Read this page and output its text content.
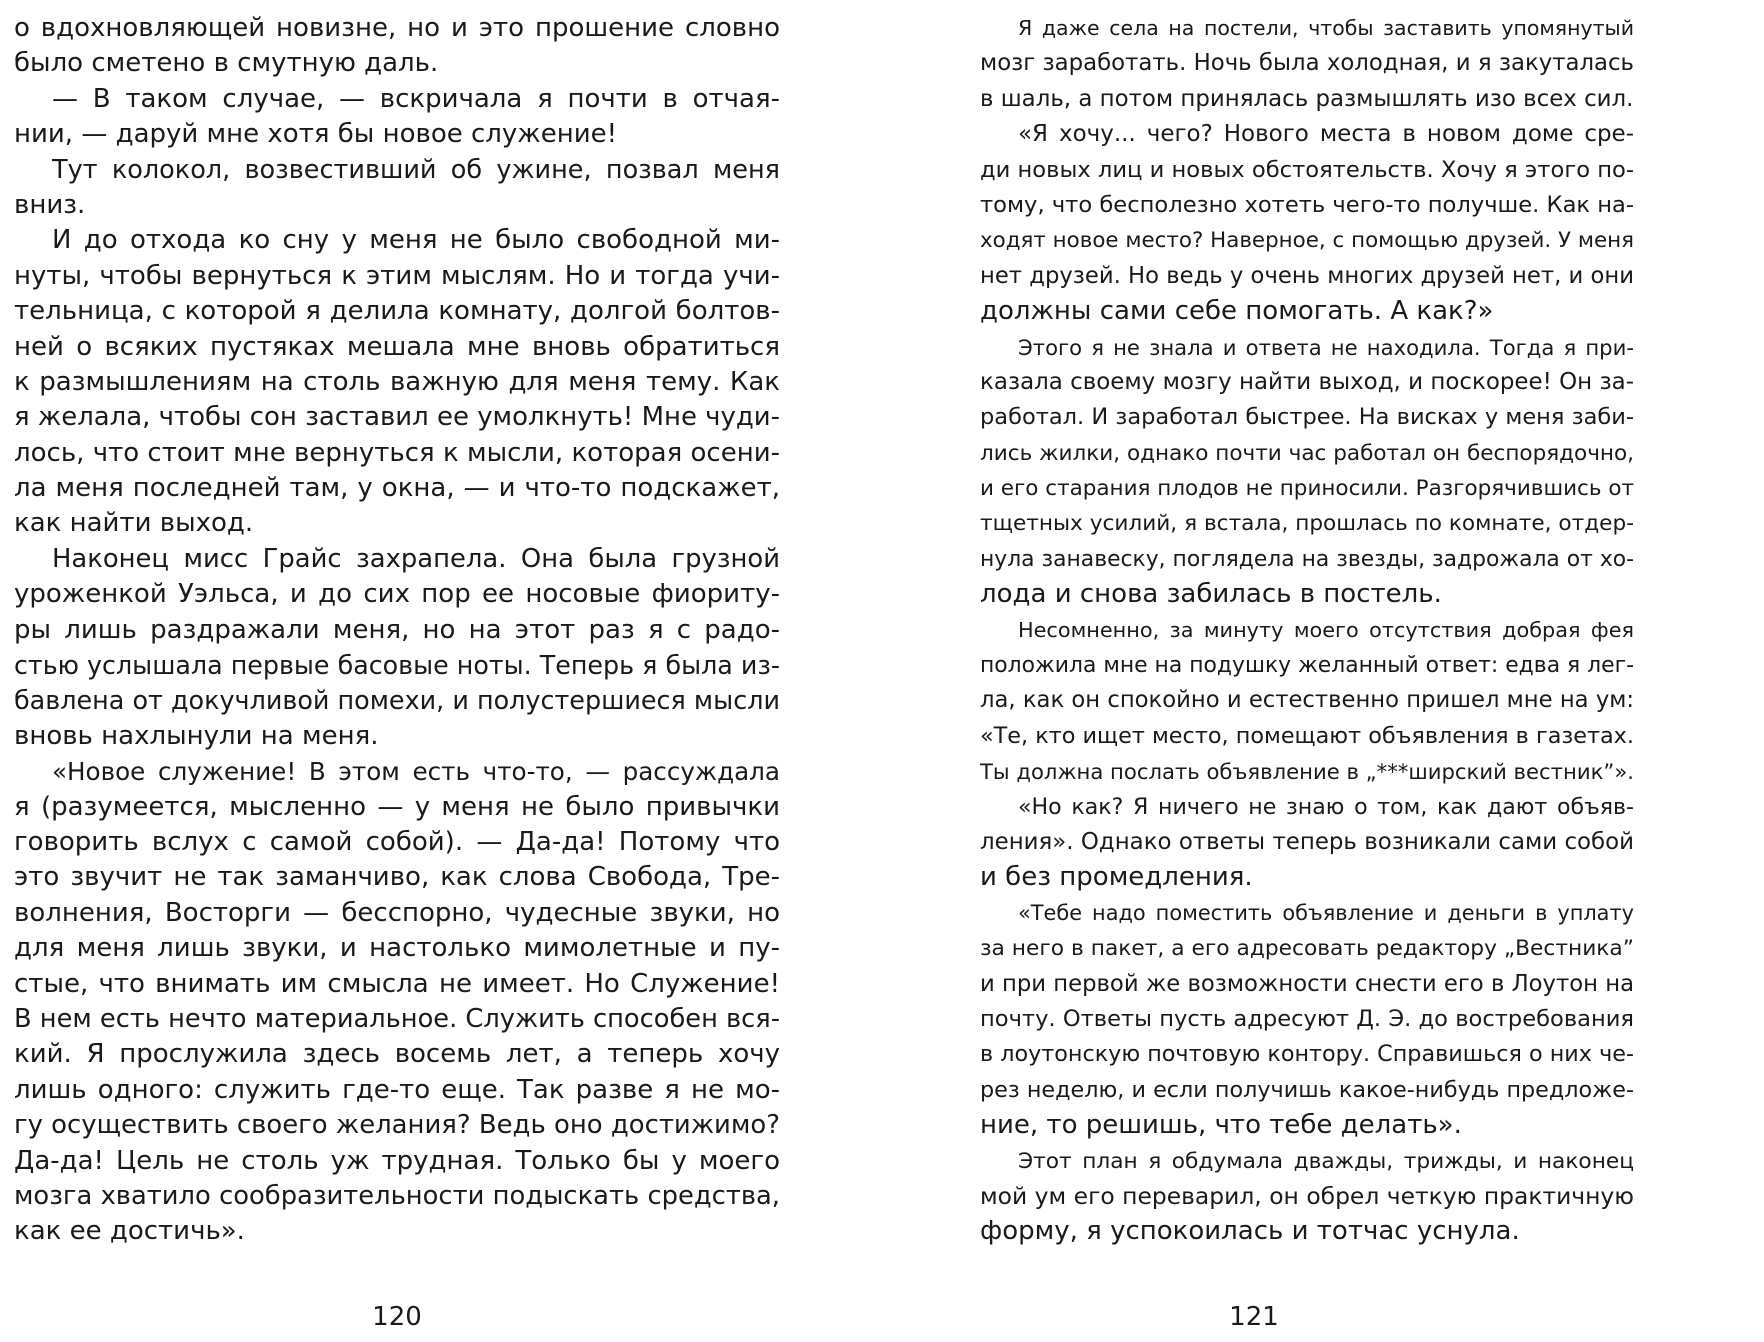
о вдохновляющей новизне, но и это прошение словно
было сметено в смутную даль.
— В таком случае, — вскричала я почти в отчая-
нии, — даруй мне хотя бы новое служение!
Тут колокол, возвестивший об ужине, позвал меня
вниз.
И до отхода ко сну у меня не было свободной ми-
нуты, чтобы вернуться к этим мыслям. Но и тогда учи-
тельница, с которой я делила комнату, долгой болтов-
ней о всяких пустяках мешала мне вновь обратиться
к размышлениям на столь важную для меня тему. Как
я желала, чтобы сон заставил ее умолкнуть! Мне чуди-
лось, что стоит мне вернуться к мысли, которая осени-
ла меня последней там, у окна, — и что-то подскажет,
как найти выход.
Наконец мисс Грайс захрапела. Она была грузной
уроженкой Уэльса, и до сих пор ее носовые фиориту-
ры лишь раздражали меня, но на этот раз я с радо-
стью услышала первые басовые ноты. Теперь я была из-
бавлена от докучливой помехи, и полустершиеся мысли
вновь нахлынули на меня.
«Новое служение! В этом есть что-то, — рассуждала
я (разумеется, мысленно — у меня не было привычки
говорить вслух с самой собой). — Да-да! Потому что
это звучит не так заманчиво, как слова Свобода, Тре-
волнения, Восторги — бесспорно, чудесные звуки, но
для меня лишь звуки, и настолько мимолетные и пу-
стые, что внимать им смысла не имеет. Но Служение!
В нем есть нечто материальное. Служить способен вся-
кий. Я прослужила здесь восемь лет, а теперь хочу
лишь одного: служить где-то еще. Так разве я не мо-
гу осуществить своего желания? Ведь оно достижимо?
Да-да! Цель не столь уж трудная. Только бы у моего
мозга хватило сообразительности подыскать средства,
как ее достичь».
120
Я даже села на постели, чтобы заставить упомянутый
мозг заработать. Ночь была холодная, и я закуталась
в шаль, а потом принялась размышлять изо всех сил.
«Я хочу... чего? Нового места в новом доме сре-
ди новых лиц и новых обстоятельств. Хочу я этого по-
тому, что бесполезно хотеть чего-то получше. Как на-
ходят новое место? Наверное, с помощью друзей. У меня
нет друзей. Но ведь у очень многих друзей нет, и они
должны сами себе помогать. А как?»
Этого я не знала и ответа не находила. Тогда я при-
казала своему мозгу найти выход, и поскорее! Он за-
работал. И заработал быстрее. На висках у меня заби-
лись жилки, однако почти час работал он беспорядочно,
и его старания плодов не приносили. Разгорячившись от
тщетных усилий, я встала, прошлась по комнате, отдер-
нула занавеску, поглядела на звезды, задрожала от хо-
лода и снова забилась в постель.
Несомненно, за минуту моего отсутствия добрая фея
положила мне на подушку желанный ответ: едва я лег-
ла, как он спокойно и естественно пришел мне на ум:
«Те, кто ищет место, помещают объявления в газетах.
Ты должна послать объявление в „***ширский вестник”».
«Но как? Я ничего не знаю о том, как дают объяв-
ления». Однако ответы теперь возникали сами собой
и без промедления.
«Тебе надо поместить объявление и деньги в уплату
за него в пакет, а его адресовать редактору „Вестника”
и при первой же возможности снести его в Лоутон на
почту. Ответы пусть адресуют Д. Э. до востребования
в лоутонскую почтовую контору. Справишься о них че-
рез неделю, и если получишь какое-нибудь предложе-
ние, то решишь, что тебе делать».
Этот план я обдумала дважды, трижды, и наконец
мой ум его переварил, он обрел четкую практичную
форму, я успокоилась и тотчас уснула.
121
